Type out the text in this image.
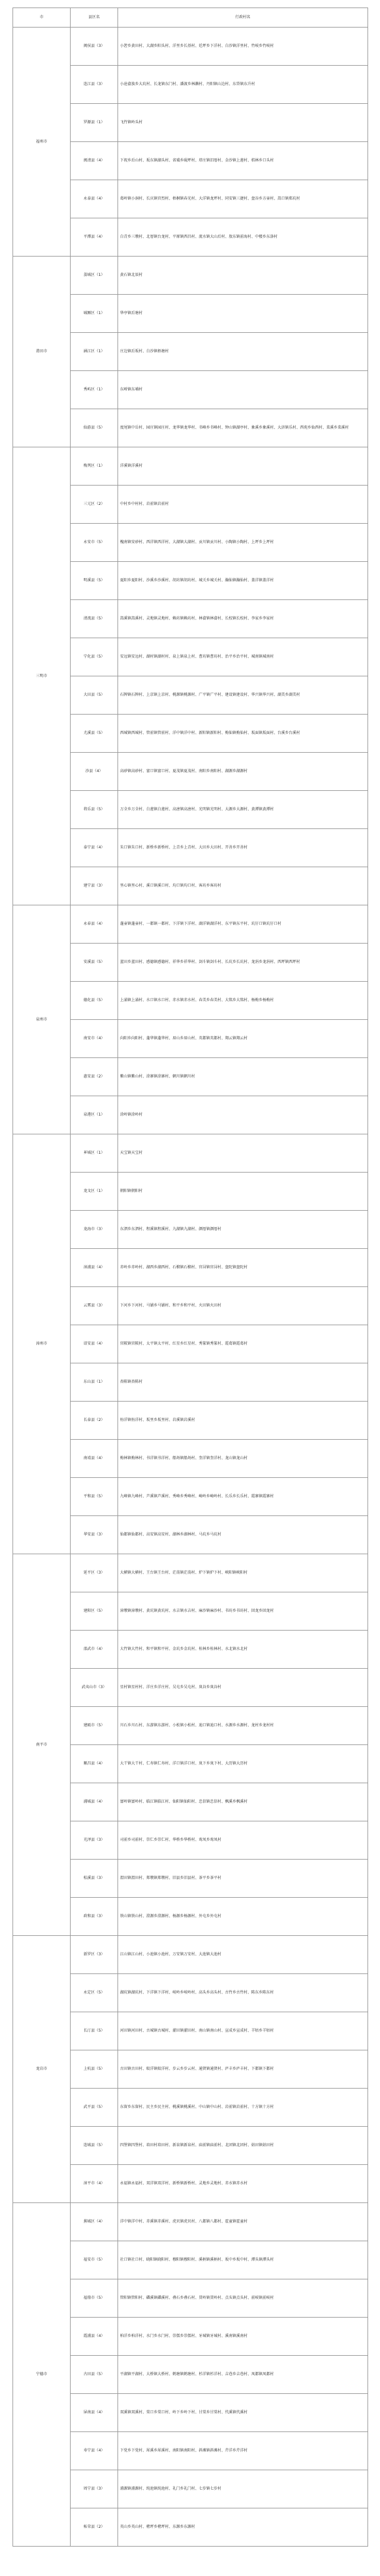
市	县区名	行政村名
福州市	闽侯县（3）	小箬乡黄田村、大湖乡阳头村、洋里乡长基村、廷坪乡下洋村、白沙镇洋里村、竹岐乡竹岐村
	连江县（3）	小沧畲族乡大坑村、长龙镇东门村、潘渡乡林濑村、丹阳镇山边村、东岱镇东升村
	罗源县（1）	飞竹镇岭头村
	闽清县（4）	下祝乡后山村、坂东镇湖头村、省璜乡砚坪村、塔庄镇旧厝村、金沙镇上莲村、桔林乡口头村
	永泰县（4）	葛岭镇小洞村、长庆镇官烈村、梧桐镇春光村、大洋镇龙坪村、同安镇三捷村、盘谷乡方壶村、嵩口镇郑坑村
	平潭县（4）	白青乡三墩村、北厝镇台龙村、平原镇西昌村、流水镇大山后村、敖东镇前海村、中楼乡东洛村
莆田市	荔城区（1）	黄石镇北辰村
	城厢区（1）	华亭镇后塘村
	涵江区（1）	庄边镇后坂村、白沙镇梧塘村
	秀屿区（1）	东峤镇东埔村
	仙游县（5）	度尾镇中岳村、园庄镇园庄村、龙华镇龙华村、书峰乡书峰村、钟山镇湖亭村、象溪乡象溪村、大济镇乐村、西苑乡仙西村、菜溪乡菜溪村
三明市	梅列区（1）	洋溪镇洋溪村
	三元区（2）	中村乡中村村、岩前镇岩前村
	永安市（5）	槐南镇安砂村、西洋镇西洋村、大湖镇大湖村、贡川镇贡川村、小陶镇小陶村、上坪乡上坪村
	明溪县（5）	夏阳乡夏阳村、沙溪乡沙溪村、胡坊镇胡坊村、城关乡城关村、瀚仙镇瀚仙村、盖洋镇盖洋村
	清流县（5）	嵩溪镇嵩溪村、灵地镇灵地村、赖坊镇赖坊村、林畲镇林畲村、长校镇长校村、李家乡李家村
	宁化县（5）	安远镇安远村、湖村镇湖村村、泉上镇泉上村、曹坊镇曹坊村、治平乡治平村、城南镇城南村
	大田县（5）	石牌镇石牌村、上京镇上京村、桃源镇桃源村、广平镇广平村、建设镇建设村、华兴镇华兴村、湖美乡湖美村
	尤溪县（5）	西城镇西城村、管前镇管前村、洋中镇洋中村、新阳镇新阳村、梅仙镇梅仙村、坂面镇坂面村、台溪乡台溪村
	沙县（4）	高砂镇高砂村、富口镇富口村、夏茂镇夏茂村、南阳乡南阳村、湖源乡湖源村
	将乐县（5）	万全乡万全村、白莲镇白莲村、高唐镇高唐村、光明镇光明村、大源乡大源村、黄潭镇黄潭村
	泰宁县（4）	朱口镇朱口村、新桥乡新桥村、上青乡上青村、大田乡大田村、开善乡开善村
	建宁县（3）	里心镇里心村、溪口镇溪口村、均口镇均口村、客坊乡客坊村
泉州市	永春县（4）	蓬壶镇蓬壶村、一都镇一都村、下洋镇下洋村、湖洋镇湖洋村、东平镇东平村、坑仔口镇坑仔口村
	安溪县（5）	蓝田乡蓝田村、感德镇感德村、祥华乡祥华村、剑斗镇剑斗村、长坑乡长坑村、龙涓乡龙涓村、西坪镇西坪村
	德化县（5）	上涌镇上涌村、水口镇水口村、赤水镇赤水村、春美乡春美村、大铭乡大铭村、杨梅乡杨梅村
	南安市（4）	向阳乡向阳村、蓬华镇蓬华村、眉山乡眉山村、英都镇英都村、翔云镇翔云村
	惠安县（2）	紫山镇紫山村、涂寨镇涂寨村、辋川镇辋川村
	泉港区（1）	涂岭镇涂岭村
漳州市	芗城区（1）	天宝镇天宝村
	龙文区（1）	朝阳镇朝阳村
	龙海市（3）	东泗乡东泗村、程溪镇程溪村、九湖镇九湖村、颜厝镇颜厝村
	漳浦县（4）	赤岭乡赤岭村、湖西乡湖西村、石榴镇石榴村、官浔镇官浔村、盘陀镇盘陀村
	云霄县（3）	下河乡下河村、马铺乡马铺村、和平乡和平村、火田镇火田村
	诏安县（4）	官陂镇官陂村、太平镇太平村、红星乡红星村、秀篆镇秀篆村、霞葛镇霞葛村
	东山县（1）	杏陈镇杏陈村
	长泰县（2）	枋洋镇枋洋村、坂里乡坂里村、岩溪镇岩溪村
	南靖县（4）	梅林镇梅林村、书洋镇书洋村、船场镇船场村、奎洋镇奎洋村、龙山镇龙山村
	平和县（5）	九峰镇九峰村、芦溪镇芦溪村、秀峰乡秀峰村、崎岭乡崎岭村、长乐乡长乐村、霞寨镇霞寨村
	华安县（3）	仙都镇仙都村、高安镇高安村、湖林乡湖林村、马坑乡马坑村
南平市	延平区（3）	大横镇大横村、王台镇王台村、茫荡镇茫荡村、炉下镇炉下村、峡阳镇峡阳村
	建阳区（5）	漳墩镇漳墩村、黄坑镇黄坑村、水吉镇水吉村、麻沙镇麻沙村、书坊乡书坊村、回龙乡回龙村
	邵武市（4）	大竹镇大竹村、和平镇和平村、金坑乡金坑村、桂林乡桂林村、水北镇水北村
	武夷山市（3）	星村镇星村村、洋庄乡洋庄村、吴屯乡吴屯村、岚谷乡岚谷村
	建瓯市（5）	川石乡川石村、东游镇东游村、小松镇小松村、迪口镇迪口村、水源乡水源村、龙村乡龙村村
	顺昌县（4）	大干镇大干村、仁寿镇仁寿村、洋口镇洋口村、岚下乡岚下村、大历镇大历村
	浦城县（4）	富岭镇富岭村、临江镇临江村、仙阳镇仙阳村、忠信镇忠信村、枫溪乡枫溪村
	光泽县（3）	司前乡司前村、崇仁乡崇仁村、华桥乡华桥村、鸾凤乡鸾凤村
	松溪县（3）	渭田镇渭田村、郑墩镇郑墩村、旧县乡旧县村、茶平乡茶平村
	政和县（3）	铁山镇铁山村、澄源乡澄源村、杨源乡杨源村、外屯乡外屯村
龙岩市	新罗区（3）	江山镇江山村、小池镇小池村、万安镇万安村、大池镇大池村
	永定区（5）	湖坑镇湖坑村、下洋镇下洋村、岐岭乡岐岭村、高头乡高头村、古竹乡古竹村、陈东乡陈东村
	长汀县（5）	河田镇河田村、古城镇古城村、濯田镇濯田村、南山镇南山村、宣成乡宣成村、羊牯乡羊牯村
	上杭县（5）	古田镇古田村、蛟洋镇蛟洋村、步云乡步云村、通贤镇通贤村、庐丰乡庐丰村、下都镇下都村
	武平县（5）	东留乡东留村、民主乡民主村、桃溪镇桃溪村、中山镇中山村、岩前镇岩前村、十方镇十方村
	连城县（5）	四堡镇四堡村、培田村培田村、新泉镇新泉村、庙前镇庙前村、北团镇北团村、姑田镇姑田村
	漳平市（4）	永福镇永福村、双洋镇双洋村、新桥镇新桥村、灵地乡灵地村、赤水镇赤水村
宁德市	蕉城区（4）	洋中镇洋中村、赤溪镇赤溪村、虎贝镇虎贝村、八都镇八都村、霍童镇霍童村
	福安市（5）	社口镇社口村、晓阳镇晓阳村、穆阳镇穆阳村、溪柄镇溪柄村、坂中乡坂中村、潭头镇潭头村
	福鼎市（5）	管阳镇管阳村、磻溪镇磻溪村、叠石乡叠石村、贯岭镇贯岭村、点头镇点头村、前岐镇前岐村
	霞浦县（4）	柏洋乡柏洋村、水门乡水门村、崇儒乡崇儒村、牙城镇牙城村、溪南镇溪南村
	古田县（5）	平湖镇平湖村、大桥镇大桥村、鹤塘镇鹤塘村、杉洋镇杉洋村、吉巷乡吉巷村、凤都镇凤都村
	屏南县（4）	双溪镇双溪村、棠口乡棠口村、岭下乡岭下村、甘棠乡甘棠村、代溪镇代溪村
	寿宁县（4）	下党乡下党村、犀溪乡犀溪村、南阳镇南阳村、斜滩镇斜滩村、芹洋乡芹洋村
	周宁县（3）	浦源镇浦源村、纯池镇纯池村、礼门乡礼门村、七步镇七步村
	柘荣县（2）	英山乡英山村、楮坪乡楮坪村、东源乡东源村
